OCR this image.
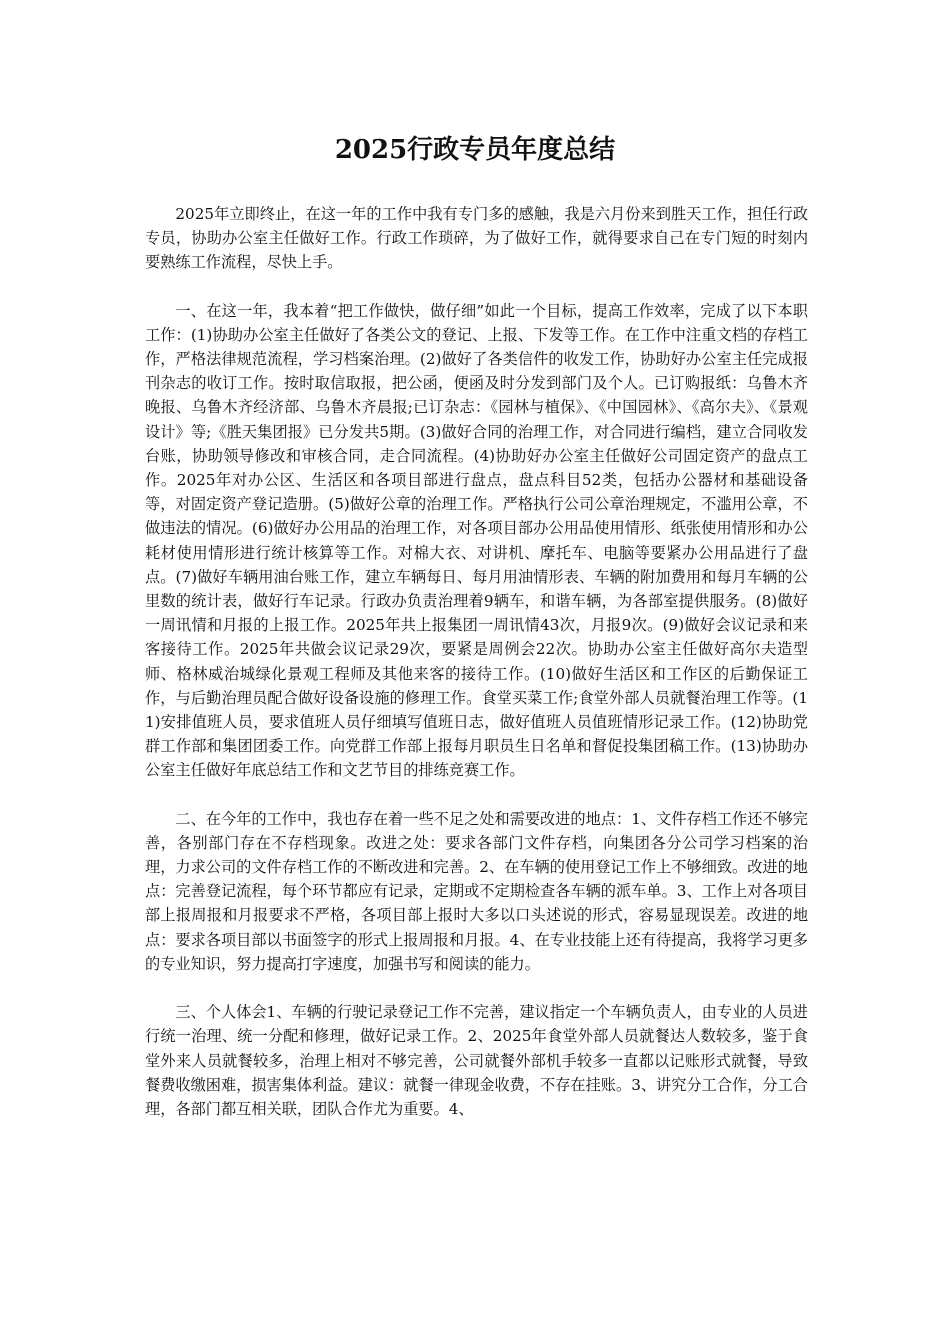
2025行政专员年度总结

2025年立即终止，在这一年的工作中我有专门多的感触，我是六月份来到胜天工作，担任行政专员，协助办公室主任做好工作。行政工作琐碎，为了做好工作，就得要求自己在专门短的时刻内要熟练工作流程，尽快上手。

一、在这一年，我本着“把工作做快，做仔细”如此一个目标，提高工作效率，完成了以下本职工作：(1)协助办公室主任做好了各类公文的登记、上报、下发等工作。在工作中注重文档的存档工作，严格法律规范流程，学习档案治理。(2)做好了各类信件的收发工作，协助好办公室主任完成报刊杂志的收订工作。按时取信取报，把公函，便函及时分发到部门及个人。已订购报纸：乌鲁木齐晚报、乌鲁木齐经济部、乌鲁木齐晨报;已订杂志：《园林与植保》、《中国园林》、《高尔夫》、《景观设计》等;《胜天集团报》已分发共5期。(3)做好合同的治理工作，对合同进行编档，建立合同收发台账，协助领导修改和审核合同，走合同流程。(4)协助好办公室主任做好公司固定资产的盘点工作。2025年对办公区、生活区和各项目部进行盘点，盘点科目52类，包括办公器材和基础设备等，对固定资产登记造册。(5)做好公章的治理工作。严格执行公司公章治理规定，不滥用公章，不做违法的情况。(6)做好办公用品的治理工作，对各项目部办公用品使用情形、纸张使用情形和办公耗材使用情形进行统计核算等工作。对棉大衣、对讲机、摩托车、电脑等要紧办公用品进行了盘点。(7)做好车辆用油台账工作，建立车辆每日、每月用油情形表、车辆的附加费用和每月车辆的公里数的统计表，做好行车记录。行政办负责治理着9辆车，和谐车辆，为各部室提供服务。(8)做好一周讯情和月报的上报工作。2025年共上报集团一周讯情43次，月报9次。(9)做好会议记录和来客接待工作。2025年共做会议记录29次，要紧是周例会22次。协助办公室主任做好高尔夫造型师、格林威治城绿化景观工程师及其他来客的接待工作。(10)做好生活区和工作区的后勤保证工作，与后勤治理员配合做好设备设施的修理工作。食堂买菜工作;食堂外部人员就餐治理工作等。(11)安排值班人员，要求值班人员仔细填写值班日志，做好值班人员值班情形记录工作。(12)协助党群工作部和集团团委工作。向党群工作部上报每月职员生日名单和督促投集团稿工作。(13)协助办公室主任做好年底总结工作和文艺节目的排练竞赛工作。

二、在今年的工作中，我也存在着一些不足之处和需要改进的地点：1、文件存档工作还不够完善，各别部门存在不存档现象。改进之处：要求各部门文件存档，向集团各分公司学习档案的治理，力求公司的文件存档工作的不断改进和完善。2、在车辆的使用登记工作上不够细致。改进的地点：完善登记流程，每个环节都应有记录，定期或不定期检查各车辆的派车单。3、工作上对各项目部上报周报和月报要求不严格，各项目部上报时大多以口头述说的形式，容易显现误差。改进的地点：要求各项目部以书面签字的形式上报周报和月报。4、在专业技能上还有待提高，我将学习更多的专业知识，努力提高打字速度，加强书写和阅读的能力。

三、个人体会1、车辆的行驶记录登记工作不完善，建议指定一个车辆负责人，由专业的人员进行统一治理、统一分配和修理，做好记录工作。2、2025年食堂外部人员就餐达人数较多，鉴于食堂外来人员就餐较多，治理上相对不够完善，公司就餐外部机手较多一直都以记账形式就餐，导致餐费收缴困难，损害集体利益。建议：就餐一律现金收费，不存在挂账。3、讲究分工合作，分工合理，各部门都互相关联，团队合作尤为重要。4、
